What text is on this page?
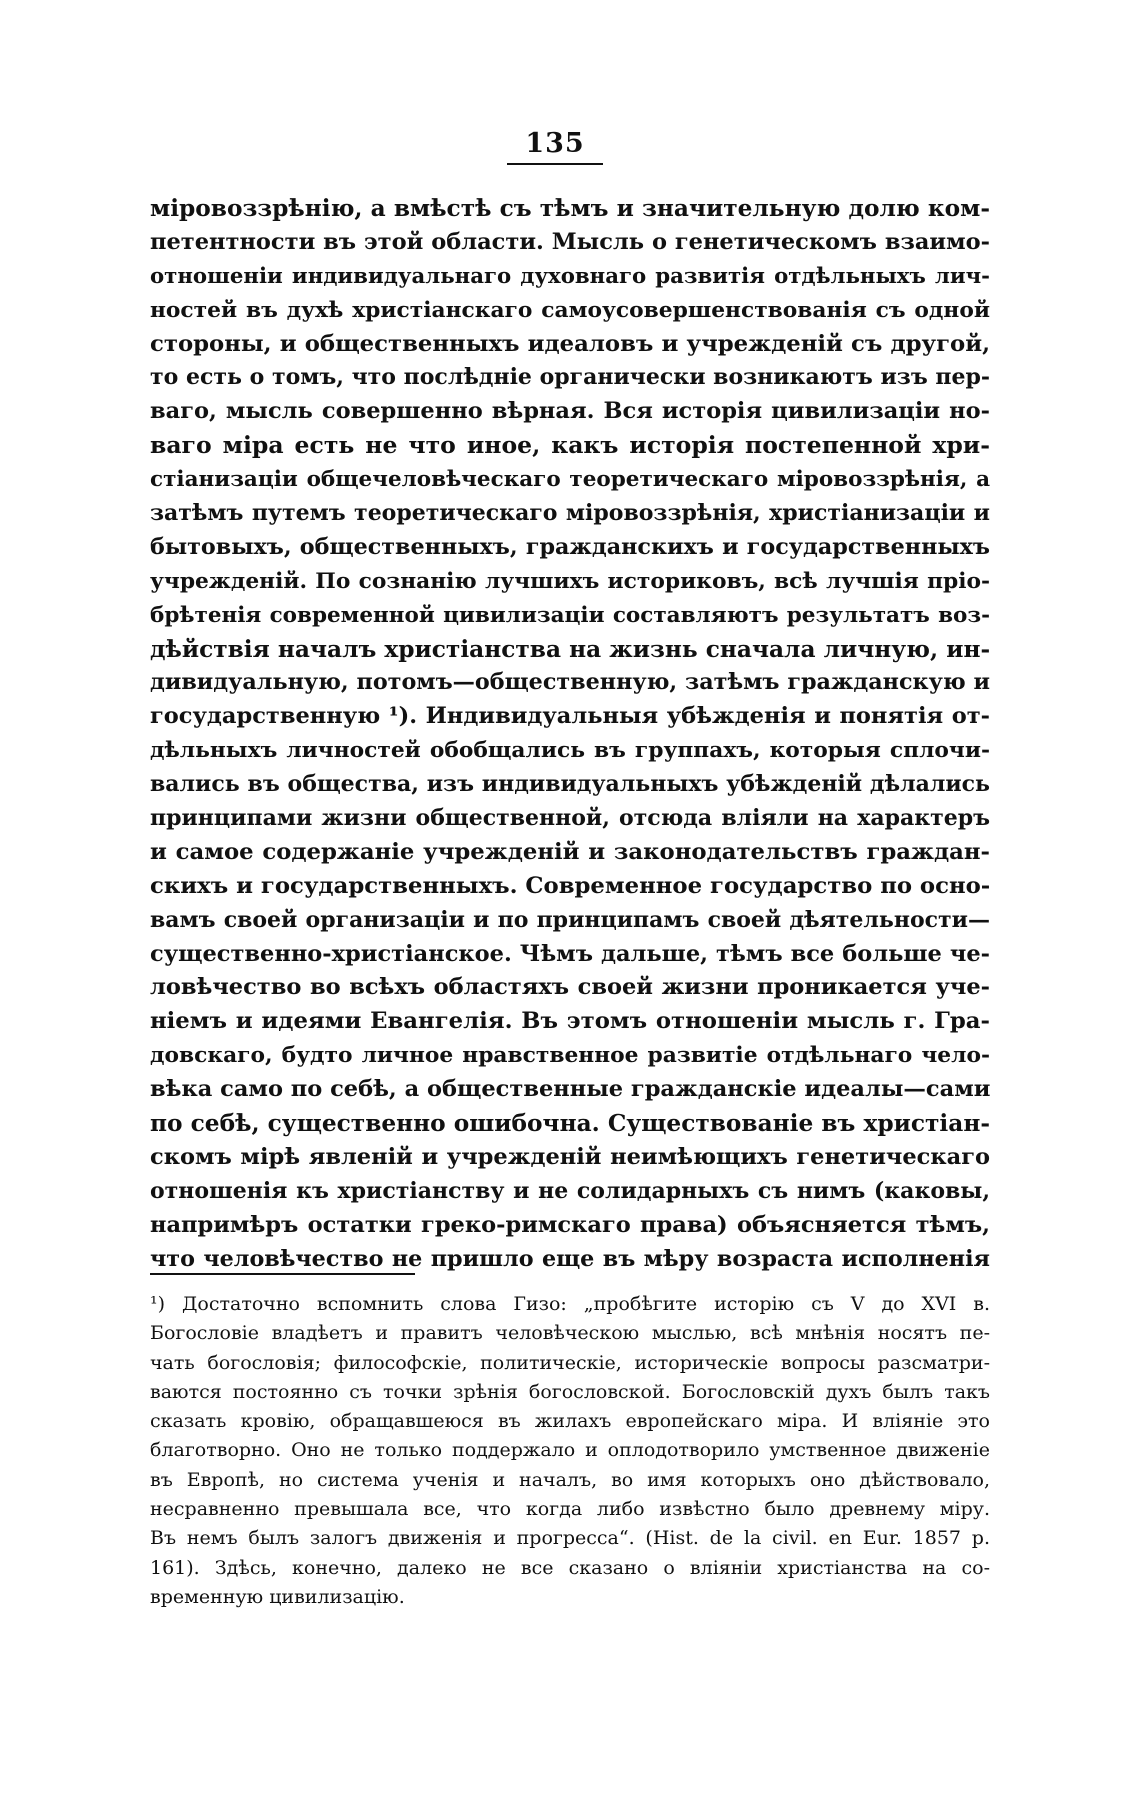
135
міровоззрѣнію, а вмѣстѣ съ тѣмъ и значительную долю ком-
петентности въ этой области. Мысль о генетическомъ взаимо-
отношеніи индивидуальнаго духовнаго развитія отдѣльныхъ лич-
ностей въ духѣ христіанскаго самоусовершенствованія съ одной
стороны, и общественныхъ идеаловъ и учрежденій съ другой,
то есть о томъ, что послѣдніе органически возникаютъ изъ пер-
ваго, мысль совершенно вѣрная. Вся исторія цивилизаціи но-
ваго міра есть не что иное, какъ исторія постепенной хри-
стіанизаціи общечеловѣческаго теоретическаго міровоззрѣнія, а
затѣмъ путемъ теоретическаго міровоззрѣнія, христіанизаціи и
бытовыхъ, общественныхъ, гражданскихъ и государственныхъ
учрежденій. По сознанію лучшихъ историковъ, всѣ лучшія пріо-
брѣтенія современной цивилизаціи составляютъ результатъ воз-
дѣйствія началъ христіанства на жизнь сначала личную, ин-
дивидуальную, потомъ—общественную, затѣмъ гражданскую и
государственную ¹). Индивидуальныя убѣжденія и понятія от-
дѣльныхъ личностей обобщались въ группахъ, которыя сплочи-
вались въ общества, изъ индивидуальныхъ убѣжденій дѣлались
принципами жизни общественной, отсюда вліяли на характеръ
и самое содержаніе учрежденій и законодательствъ граждан-
скихъ и государственныхъ. Современное государство по осно-
вамъ своей организаціи и по принципамъ своей дѣятельности—
существенно-христіанское. Чѣмъ дальше, тѣмъ все больше че-
ловѣчество во всѣхъ областяхъ своей жизни проникается уче-
ніемъ и идеями Евангелія. Въ этомъ отношеніи мысль г. Гра-
довскаго, будто личное нравственное развитіе отдѣльнаго чело-
вѣка само по себѣ, а общественные гражданскіе идеалы—сами
по себѣ, существенно ошибочна. Существованіе въ христіан-
скомъ мірѣ явленій и учрежденій неимѣющихъ генетическаго
отношенія къ христіанству и не солидарныхъ съ нимъ (каковы,
напримѣръ остатки греко-римскаго права) объясняется тѣмъ,
что человѣчество не пришло еще въ мѣру возраста исполненія
¹) Достаточно вспомнить слова Гизо: „пробѣгите исторію съ V до XVI в.
Богословіе владѣетъ и правитъ человѣческою мыслью, всѣ мнѣнія носятъ пе-
чать богословія; философскіе, политическіе, историческіе вопросы разсматри-
ваются постоянно съ точки зрѣнія богословской. Богословскій духъ былъ такъ
сказать кровію, обращавшеюся въ жилахъ европейскаго міра. И вліяніе это
благотворно. Оно не только поддержало и оплодотворило умственное движеніе
въ Европѣ, но система ученія и началъ, во имя которыхъ оно дѣйствовало,
несравненно превышала все, что когда либо извѣстно было древнему міру.
Въ немъ былъ залогъ движенія и прогресса“. (Hist. de la civil. en Eur. 1857 p.
161). Здѣсь, конечно, далеко не все сказано о вліяніи христіанства на со-
временную цивилизацію.
